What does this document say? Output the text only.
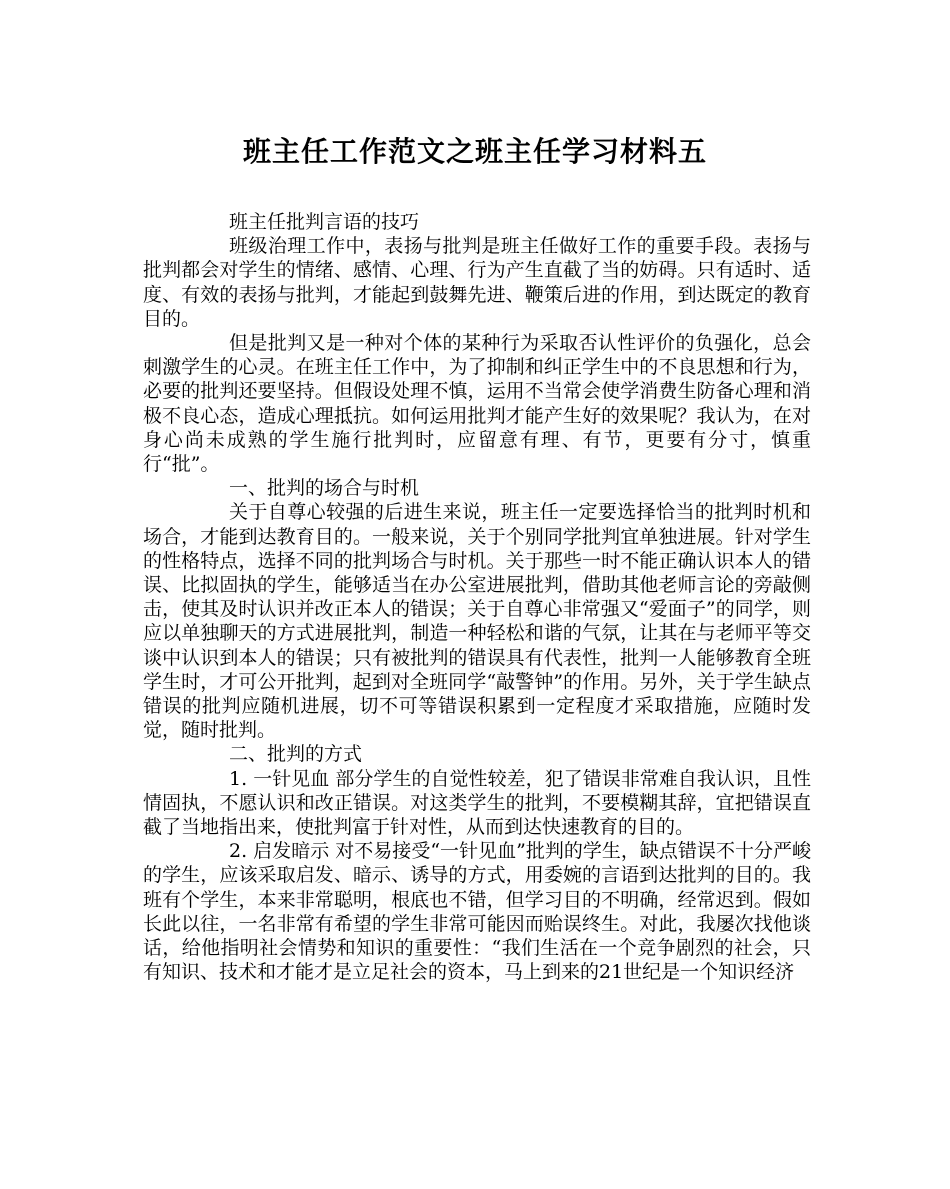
班主任工作范文之班主任学习材料五

班主任批判言语的技巧

班级治理工作中，表扬与批判是班主任做好工作的重要手段。表扬与批判都会对学生的情绪、感情、心理、行为产生直截了当的妨碍。只有适时、适度、有效的表扬与批判，才能起到鼓舞先进、鞭策后进的作用，到达既定的教育目的。

但是批判又是一种对个体的某种行为采取否认性评价的负强化，总会刺激学生的心灵。在班主任工作中，为了抑制和纠正学生中的不良思想和行为，必要的批判还要坚持。但假设处理不慎，运用不当常会使学消费生防备心理和消极不良心态，造成心理抵抗。如何运用批判才能产生好的效果呢？我认为，在对身心尚未成熟的学生施行批判时，应留意有理、有节，更要有分寸，慎重行“批”。

一、批判的场合与时机

关于自尊心较强的后进生来说，班主任一定要选择恰当的批判时机和场合，才能到达教育目的。一般来说，关于个别同学批判宜单独进展。针对学生的性格特点，选择不同的批判场合与时机。关于那些一时不能正确认识本人的错误、比拟固执的学生，能够适当在办公室进展批判，借助其他老师言论的旁敲侧击，使其及时认识并改正本人的错误；关于自尊心非常强又“爱面子”的同学，则应以单独聊天的方式进展批判，制造一种轻松和谐的气氛，让其在与老师平等交谈中认识到本人的错误；只有被批判的错误具有代表性，批判一人能够教育全班学生时，才可公开批判，起到对全班同学“敲警钟”的作用。另外，关于学生缺点错误的批判应随机进展，切不可等错误积累到一定程度才采取措施，应随时发觉，随时批判。

二、批判的方式

1. 一针见血 部分学生的自觉性较差，犯了错误非常难自我认识，且性情固执，不愿认识和改正错误。对这类学生的批判，不要模糊其辞，宜把错误直截了当地指出来，使批判富于针对性，从而到达快速教育的目的。

2. 启发暗示 对不易接受“一针见血”批判的学生，缺点错误不十分严峻的学生，应该采取启发、暗示、诱导的方式，用委婉的言语到达批判的目的。我班有个学生，本来非常聪明，根底也不错，但学习目的不明确，经常迟到。假如长此以往，一名非常有希望的学生非常可能因而贻误终生。对此，我屡次找他谈话，给他指明社会情势和知识的重要性：“我们生活在一个竞争剧烈的社会，只有知识、技术和才能才是立足社会的资本，马上到来的21世纪是一个知识经济
